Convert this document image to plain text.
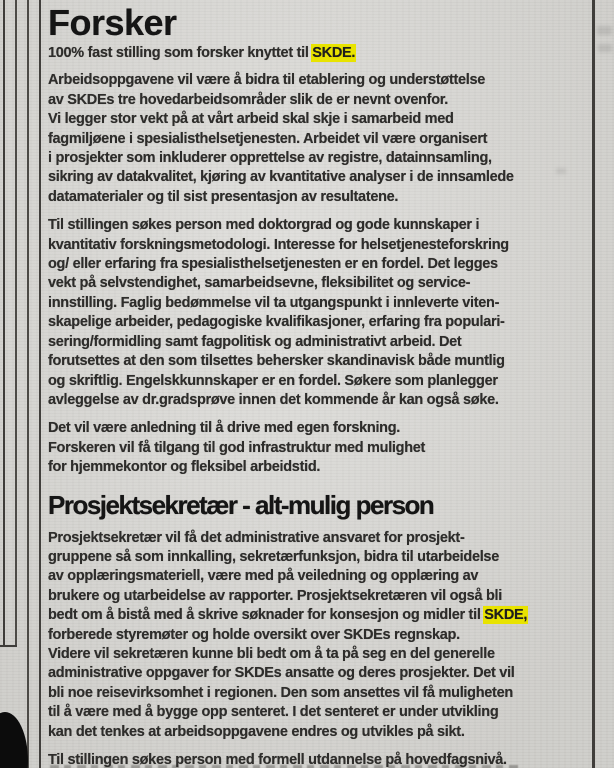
Forsker
100% fast stilling som forsker knyttet til SKDE.
Arbeidsoppgavene vil være å bidra til etablering og understøttelse
av SKDEs tre hovedarbeidsområder slik de er nevnt ovenfor.
Vi legger stor vekt på at vårt arbeid skal skje i samarbeid med
fagmiljøene i spesialisthelsetjenesten. Arbeidet vil være organisert
i prosjekter som inkluderer opprettelse av registre, datainnsamling,
sikring av datakvalitet, kjøring av kvantitative analyser i de innsamlede
datamaterialer og til sist presentasjon av resultatene.
Til stillingen søkes person med doktorgrad og gode kunnskaper i
kvantitativ forskningsmetodologi. Interesse for helsetjenesteforskring
og/ eller erfaring fra spesialisthelsetjenesten er en fordel. Det legges
vekt på selvstendighet, samarbeidsevne, fleksibilitet og service-
innstilling. Faglig bedømmelse vil ta utgangspunkt i innleverte viten-
skapelige arbeider, pedagogiske kvalifikasjoner, erfaring fra populari-
sering/formidling samt fagpolitisk og administrativt arbeid. Det
forutsettes at den som tilsettes behersker skandinavisk både muntlig
og skriftlig. Engelskkunnskaper er en fordel. Søkere som planlegger
avleggelse av dr.gradsprøve innen det kommende år kan også søke.
Det vil være anledning til å drive med egen forskning.
Forskeren vil få tilgang til god infrastruktur med mulighet
for hjemmekontor og fleksibel arbeidstid.
Prosjektsekretær - alt-mulig person
Prosjektsekretær vil få det administrative ansvaret for prosjekt-
gruppene så som innkalling, sekretærfunksjon, bidra til utarbeidelse
av opplæringsmateriell, være med på veiledning og opplæring av
brukere og utarbeidelse av rapporter. Prosjektsekretæren vil også bli
bedt om å bistå med å skrive søknader for konsesjon og midler til SKDE,
forberede styremøter og holde oversikt over SKDEs regnskap.
Videre vil sekretæren kunne bli bedt om å ta på seg en del generelle
administrative oppgaver for SKDEs ansatte og deres prosjekter. Det vil
bli noe reisevirksomhet i regionen. Den som ansettes vil få muligheten
til å være med å bygge opp senteret. I det senteret er under utvikling
kan det tenkes at arbeidsoppgavene endres og utvikles på sikt.
Til stillingen søkes person med formell utdannelse på hovedfagsnivå.
